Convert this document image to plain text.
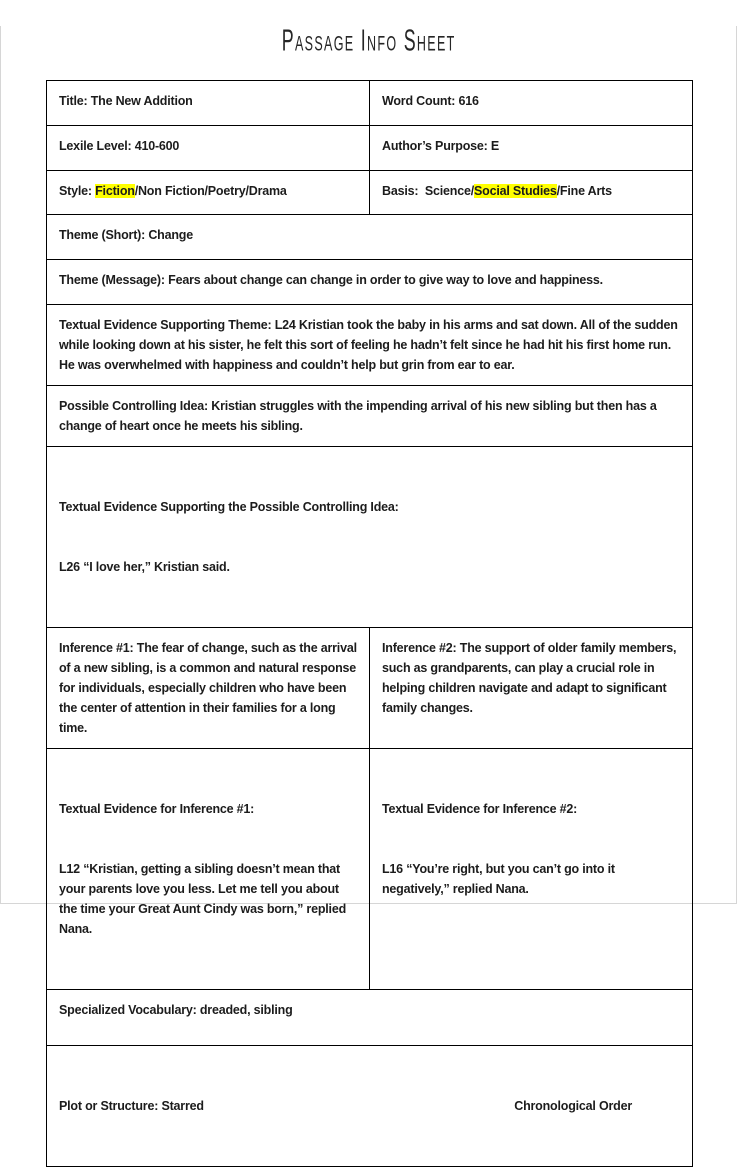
Passage Info Sheet
Title: The New Addition	Word Count: 616
Lexile Level: 410-600	Author’s Purpose: E
Style: Fiction/Non Fiction/Poetry/Drama	Basis:  Science/Social Studies/Fine Arts
Theme (Short): Change	
Theme (Message): Fears about change can change in order to give way to love and happiness.	
Textual Evidence Supporting Theme: L24 Kristian took the baby in his arms and sat down. All of the sudden while looking down at his sister, he felt this sort of feeling he hadn’t felt since he had hit his first home run. He was overwhelmed with happiness and couldn’t help but grin from ear to ear.	
Possible Controlling Idea: Kristian struggles with the impending arrival of his new sibling but then has a change of heart once he meets his sibling.	

Textual Evidence Supporting the Possible Controlling Idea:

L26 “I love her,” Kristian said.	

Inference #1: The fear of change, such as the arrival of a new sibling, is a common and natural response for individuals, especially children who have been the center of attention in their families for a long time.	Inference #2: The support of older family members, such as grandparents, can play a crucial role in helping children navigate and adapt to significant family changes.

Textual Evidence for Inference #1:

L12 “Kristian, getting a sibling doesn’t mean that your parents love you less. Let me tell you about the time your Great Aunt Cindy was born,” replied Nana.

Textual Evidence for Inference #2:

L16 “You’re right, but you can’t go into it negatively,” replied Nana.

Specialized Vocabulary: dreaded, sibling	

Plot or Structure: Starred Chronological Order	
